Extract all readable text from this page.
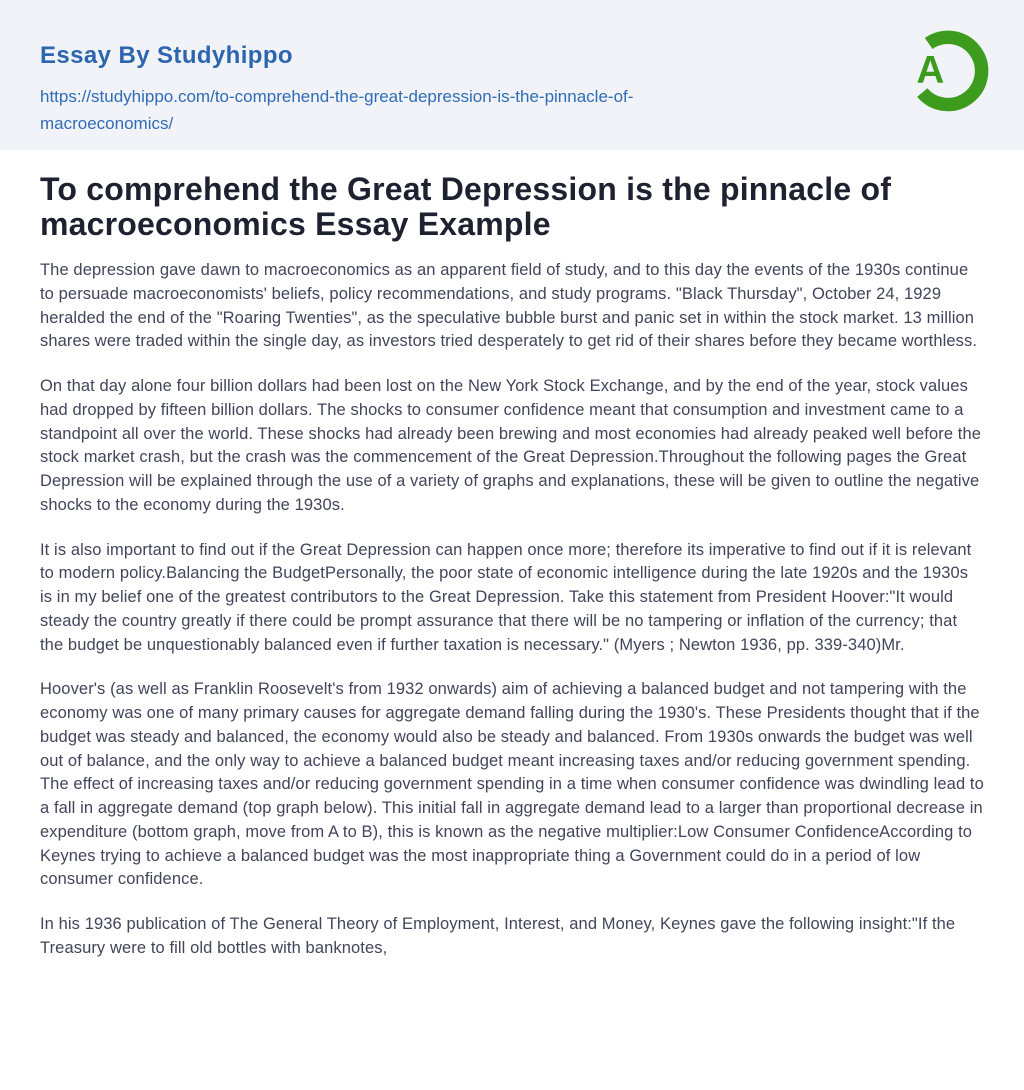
Essay By Studyhippo
https://studyhippo.com/to-comprehend-the-great-depression-is-the-pinnacle-of-macroeconomics/
A
To comprehend the Great Depression is the pinnacle of macroeconomics Essay Example

The depression gave dawn to macroeconomics as an apparent field of study, and to this day the events of the 1930s continue to persuade macroeconomists' beliefs, policy recommendations, and study programs. "Black Thursday", October 24, 1929 heralded the end of the "Roaring Twenties", as the speculative bubble burst and panic set in within the stock market. 13 million shares were traded within the single day, as investors tried desperately to get rid of their shares before they became worthless.

On that day alone four billion dollars had been lost on the New York Stock Exchange, and by the end of the year, stock values had dropped by fifteen billion dollars. The shocks to consumer confidence meant that consumption and investment came to a standpoint all over the world. These shocks had already been brewing and most economies had already peaked well before the stock market crash, but the crash was the commencement of the Great Depression.Throughout the following pages the Great Depression will be explained through the use of a variety of graphs and explanations, these will be given to outline the negative shocks to the economy during the 1930s.

It is also important to find out if the Great Depression can happen once more; therefore its imperative to find out if it is relevant to modern policy.Balancing the BudgetPersonally, the poor state of economic intelligence during the late 1920s and the 1930s is in my belief one of the greatest contributors to the Great Depression. Take this statement from President Hoover:"It would steady the country greatly if there could be prompt assurance that there will be no tampering or inflation of the currency; that the budget be unquestionably balanced even if further taxation is necessary." (Myers ; Newton 1936, pp. 339-340)Mr.

Hoover's (as well as Franklin Roosevelt's from 1932 onwards) aim of achieving a balanced budget and not tampering with the economy was one of many primary causes for aggregate demand falling during the 1930's. These Presidents thought that if the budget was steady and balanced, the economy would also be steady and balanced. From 1930s onwards the budget was well out of balance, and the only way to achieve a balanced budget meant increasing taxes and/or reducing government spending. The effect of increasing taxes and/or reducing government spending in a time when consumer confidence was dwindling lead to a fall in aggregate demand (top graph below). This initial fall in aggregate demand lead to a larger than proportional decrease in expenditure (bottom graph, move from A to B), this is known as the negative multiplier:Low Consumer ConfidenceAccording to Keynes trying to achieve a balanced budget was the most inappropriate thing a Government could do in a period of low consumer confidence.

In his 1936 publication of The General Theory of Employment, Interest, and Money, Keynes gave the following insight:"If the Treasury were to fill old bottles with banknotes,
